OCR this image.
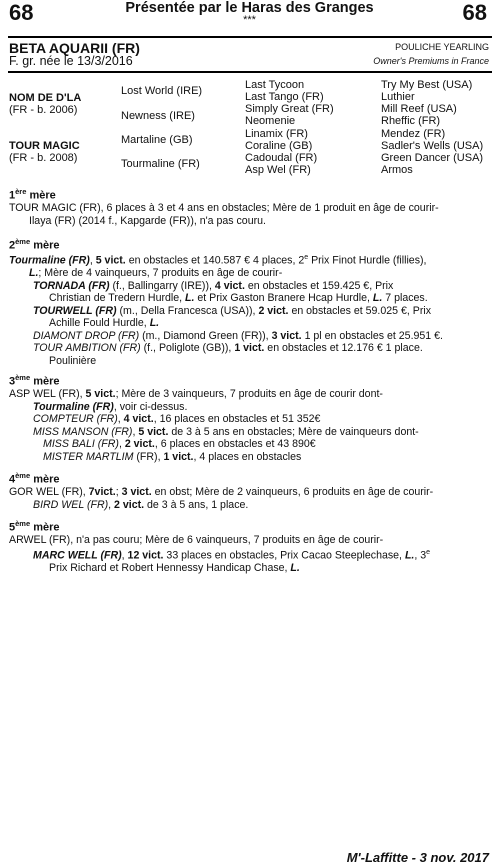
68	Présentée par le Haras des Granges
***	68
BETA AQUARII (FR)
F. gr. née le 13/3/2016
POULICHE YEARLING
Owner's Premiums in France
NOM DE D'LA
(FR - b. 2006)
TOUR MAGIC
(FR - b. 2008)
Lost World (IRE)
Newness (IRE)
Martaline (GB)
Tourmaline (FR)
Last Tycoon
Last Tango (FR)
Simply Great (FR)
Neomenie
Linamix (FR)
Coraline (GB)
Cadoudal (FR)
Asp Wel (FR)
Try My Best (USA)
Luthier
Mill Reef (USA)
Rheffic (FR)
Mendez (FR)
Sadler's Wells (USA)
Green Dancer (USA)
Armos
1ère mère
TOUR MAGIC (FR), 6 places à 3 et 4 ans en obstacles; Mère de 1 produit en âge de courir-
Ilaya (FR) (2014 f., Kapgarde (FR)), n'a pas couru.
2ème mère
Tourmaline (FR), 5 vict. en obstacles et 140.587 € 4 places, 2e Prix Finot Hurdle (fillies),
L.; Mère de 4 vainqueurs, 7 produits en âge de courir-
TORNADA (FR) (f., Ballingarry (IRE)), 4 vict. en obstacles et 159.425 €, Prix
Christian de Tredern Hurdle, L. et Prix Gaston Branere Hcap Hurdle, L. 7 places.
TOURWELL (FR) (m., Della Francesca (USA)), 2 vict. en obstacles et 59.025 €, Prix
Achille Fould Hurdle, L.
DIAMONT DROP (FR) (m., Diamond Green (FR)), 3 vict. 1 pl en obstacles et 25.951 €.
TOUR AMBITION (FR) (f., Poliglote (GB)), 1 vict. en obstacles et 12.176 € 1 place.
Poulinière
3ème mère
ASP WEL (FR), 5 vict.; Mère de 3 vainqueurs, 7 produits en âge de courir dont-
Tourmaline (FR), voir ci-dessus.
COMPTEUR (FR), 4 vict., 16 places en obstacles et 51 352€
MISS MANSON (FR), 5 vict. de 3 à 5 ans en obstacles; Mère de vainqueurs dont-
MISS BALI (FR), 2 vict., 6 places en obstacles et 43 890€
MISTER MARTLIM (FR), 1 vict., 4 places en obstacles
4ème mère
GOR WEL (FR), 7vict.; 3 vict. en obst; Mère de 2 vainqueurs, 6 produits en âge de courir-
BIRD WEL (FR), 2 vict. de 3 à 5 ans, 1 place.
5ème mère
ARWEL (FR), n'a pas couru; Mère de 6 vainqueurs, 7 produits en âge de courir-
MARC WELL (FR), 12 vict. 33 places en obstacles, Prix Cacao Steeplechase, L., 3e
Prix Richard et Robert Hennessy Handicap Chase, L.
M'-Laffitte - 3 nov. 2017
